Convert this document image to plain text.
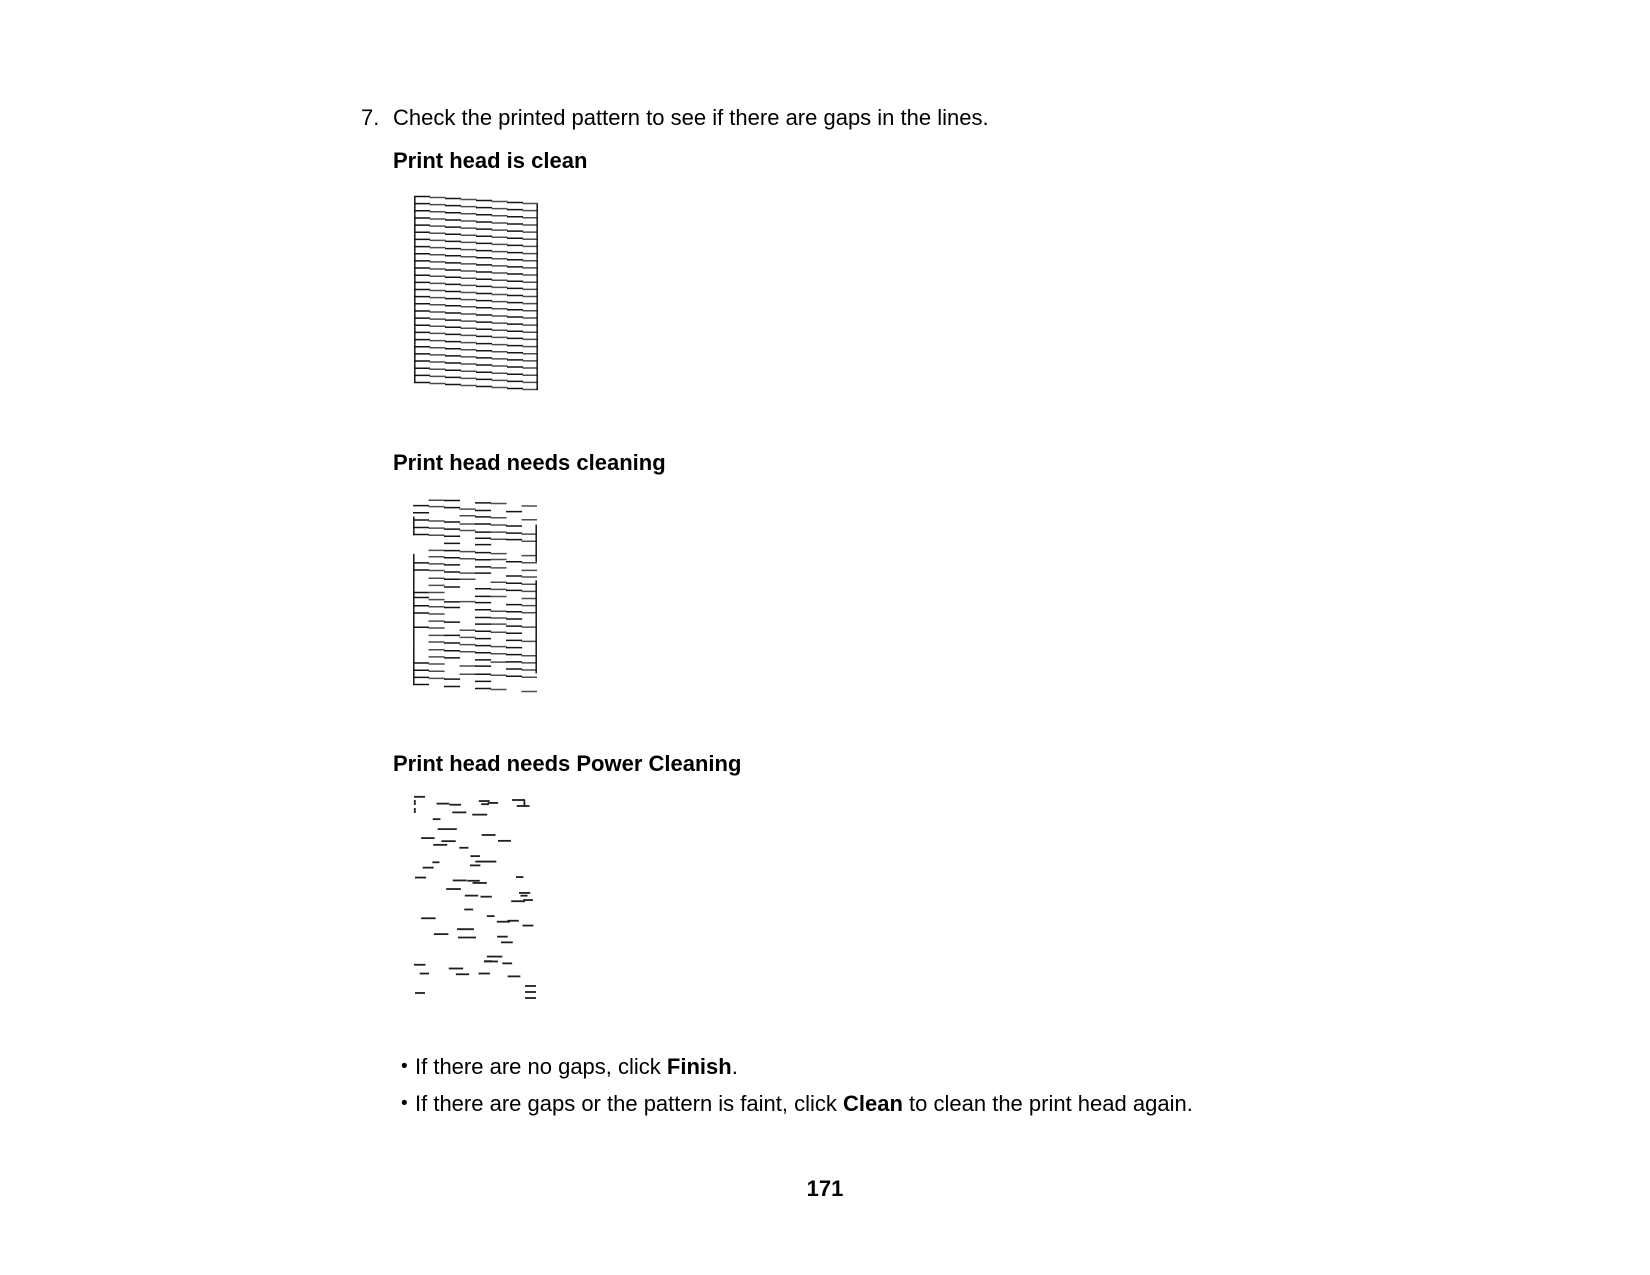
7. Check the printed pattern to see if there are gaps in the lines.
Print head is clean
Print head needs cleaning
Print head needs Power Cleaning
• If there are no gaps, click Finish.
• If there are gaps or the pattern is faint, click Clean to clean the print head again.
171
